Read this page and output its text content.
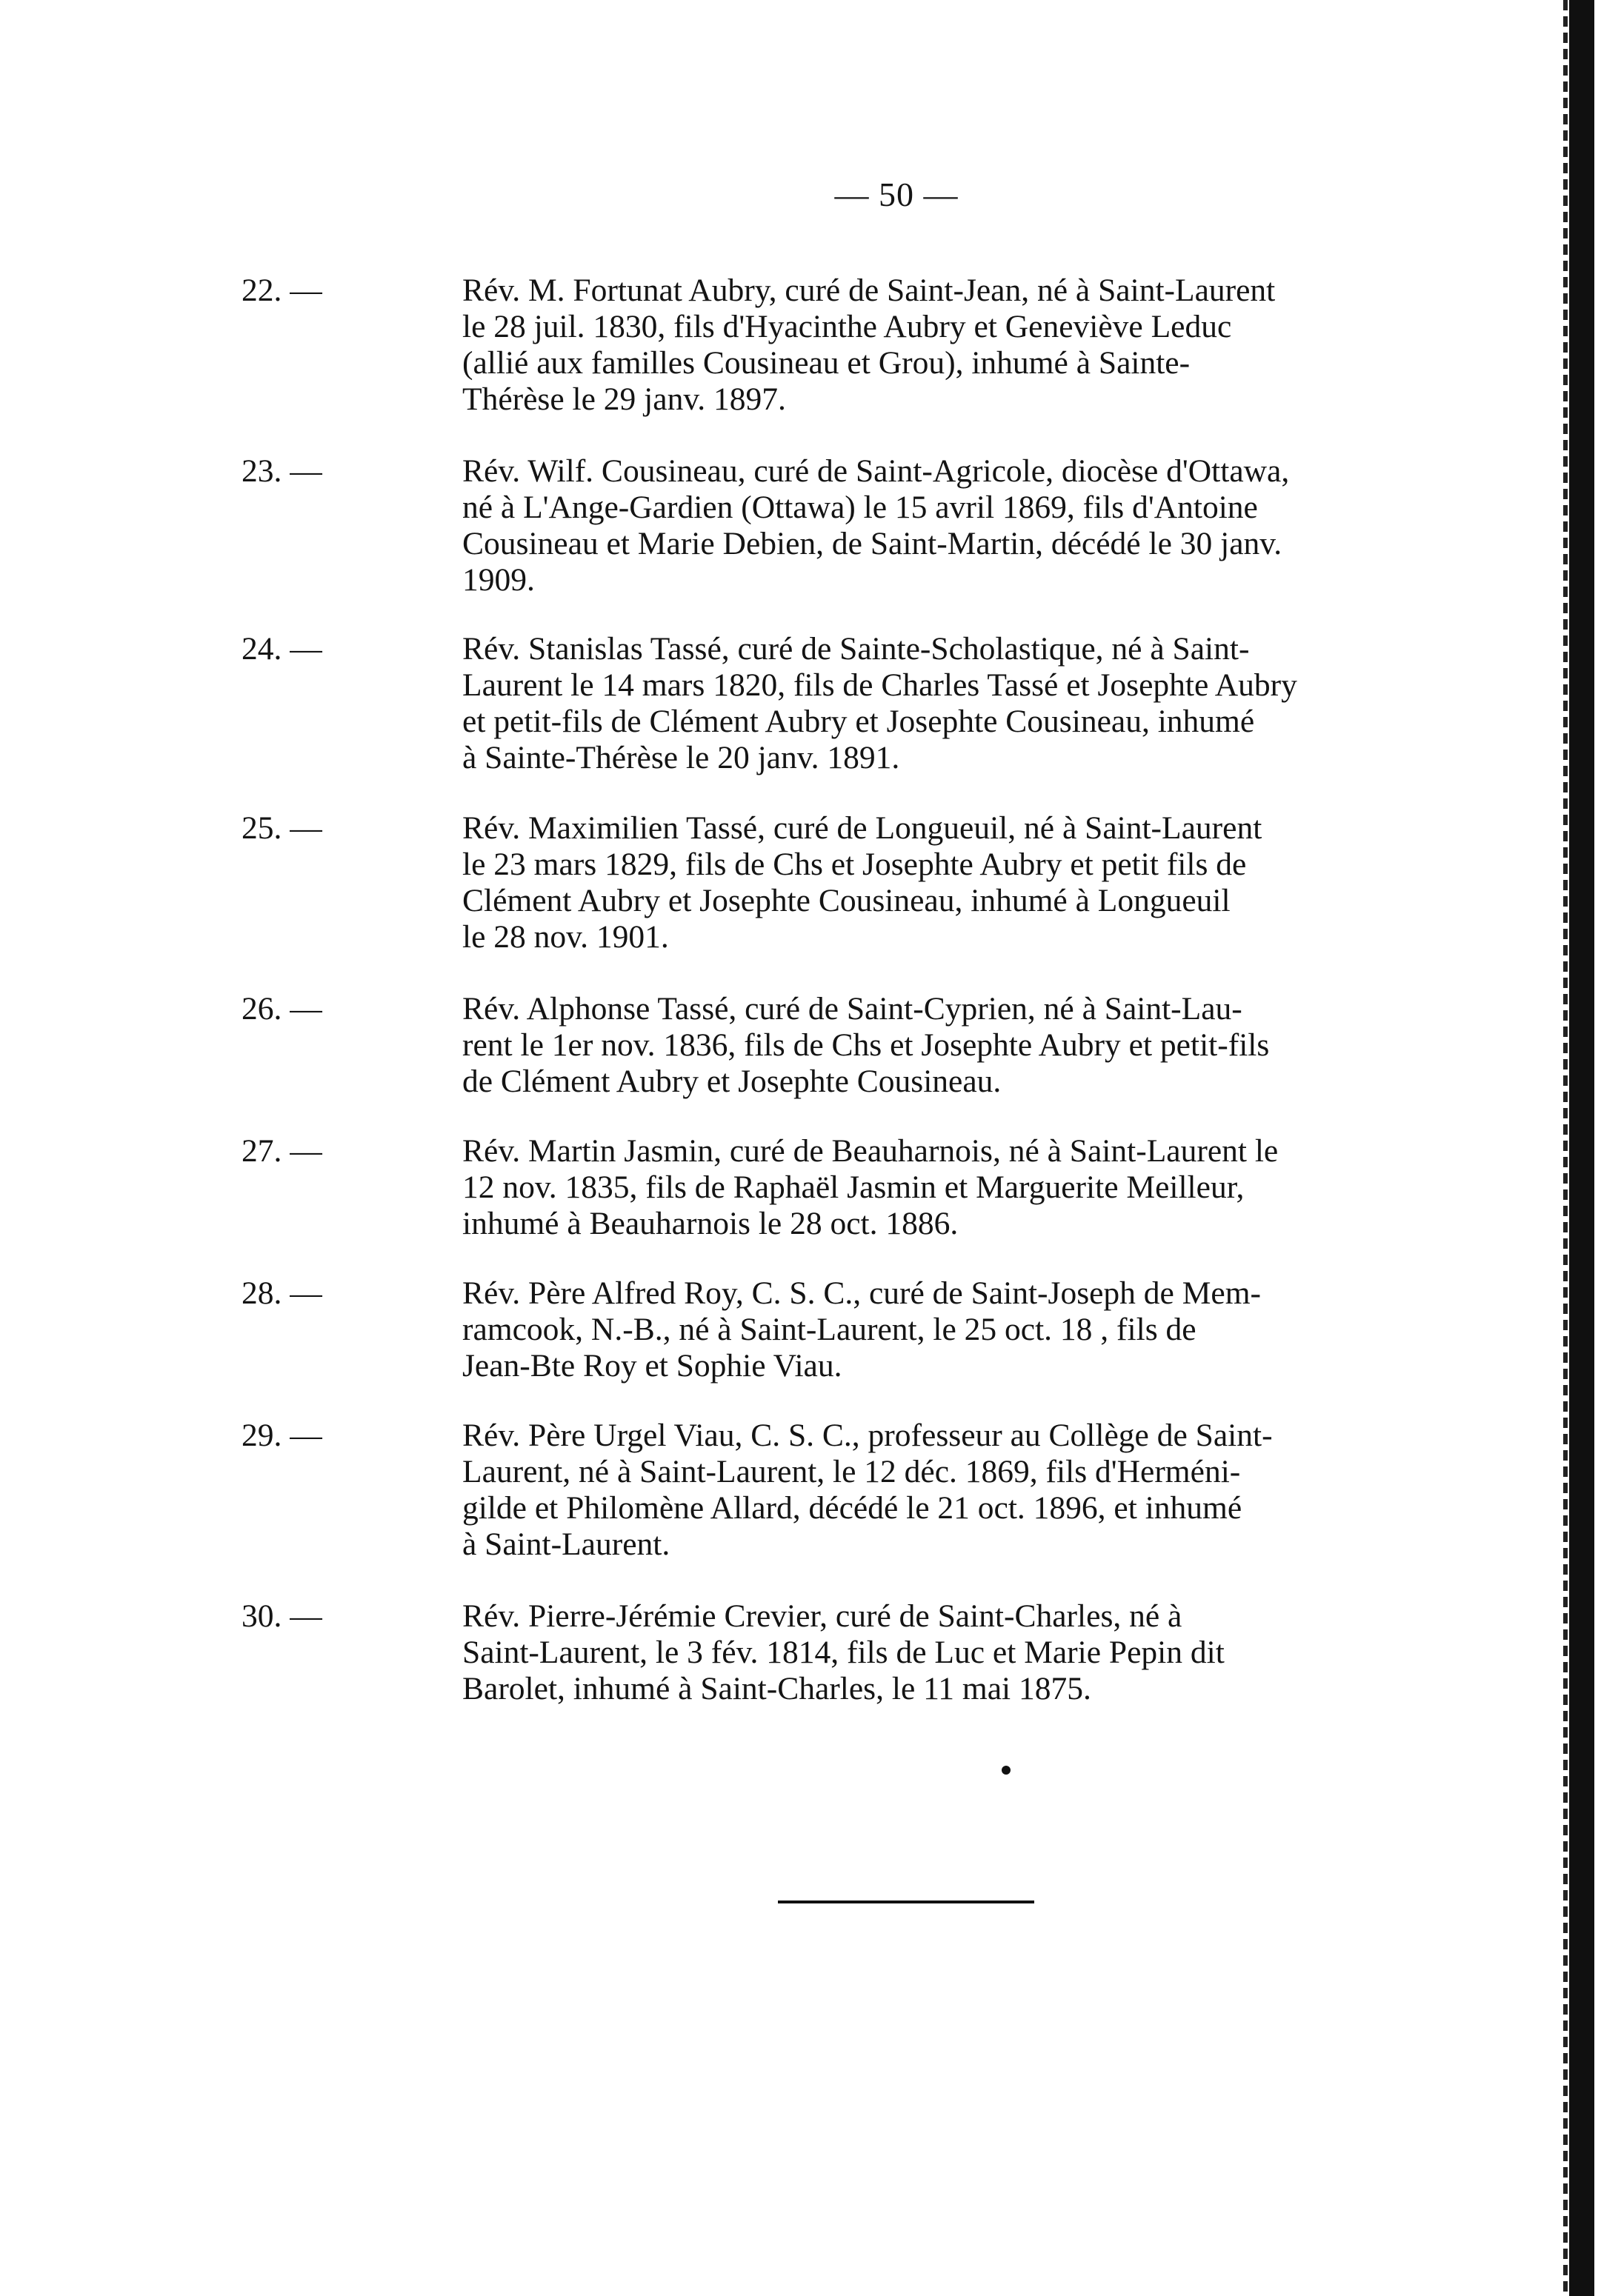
— 50 —
22. —	Rév. M. Fortunat Aubry, curé de Saint-Jean, né à Saint-Laurent
le 28 juil. 1830, fils d'Hyacinthe Aubry et Geneviève Leduc
(allié aux familles Cousineau et Grou), inhumé à Sainte-
Thérèse le 29 janv. 1897.
23. —	Rév. Wilf. Cousineau, curé de Saint-Agricole, diocèse d'Ottawa,
né à L'Ange-Gardien (Ottawa) le 15 avril 1869, fils d'Antoine
Cousineau et Marie Debien, de Saint-Martin, décédé le 30 janv.
1909.
24. —	Rév. Stanislas Tassé, curé de Sainte-Scholastique, né à Saint-
Laurent le 14 mars 1820, fils de Charles Tassé et Josephte Aubry
et petit-fils de Clément Aubry et Josephte Cousineau, inhumé
à Sainte-Thérèse le 20 janv. 1891.
25. —	Rév. Maximilien Tassé, curé de Longueuil, né à Saint-Laurent
le 23 mars 1829, fils de Chs et Josephte Aubry et petit fils de
Clément Aubry et Josephte Cousineau, inhumé à Longueuil
le 28 nov. 1901.
26. —	Rév. Alphonse Tassé, curé de Saint-Cyprien, né à Saint-Lau-
rent le 1er nov. 1836, fils de Chs et Josephte Aubry et petit-fils
de Clément Aubry et Josephte Cousineau.
27. —	Rév. Martin Jasmin, curé de Beauharnois, né à Saint-Laurent le
12 nov. 1835, fils de Raphaël Jasmin et Marguerite Meilleur,
inhumé à Beauharnois le 28 oct. 1886.
28. —	Rév. Père Alfred Roy, C. S. C., curé de Saint-Joseph de Mem-
ramcook, N.-B., né à Saint-Laurent, le 25 oct. 18 , fils de
Jean-Bte Roy et Sophie Viau.
29. —	Rév. Père Urgel Viau, C. S. C., professeur au Collège de Saint-
Laurent, né à Saint-Laurent, le 12 déc. 1869, fils d'Herméni-
gilde et Philomène Allard, décédé le 21 oct. 1896, et inhumé
à Saint-Laurent.
30. —	Rév. Pierre-Jérémie Crevier, curé de Saint-Charles, né à
Saint-Laurent, le 3 fév. 1814, fils de Luc et Marie Pepin dit
Barolet, inhumé à Saint-Charles, le 11 mai 1875.
